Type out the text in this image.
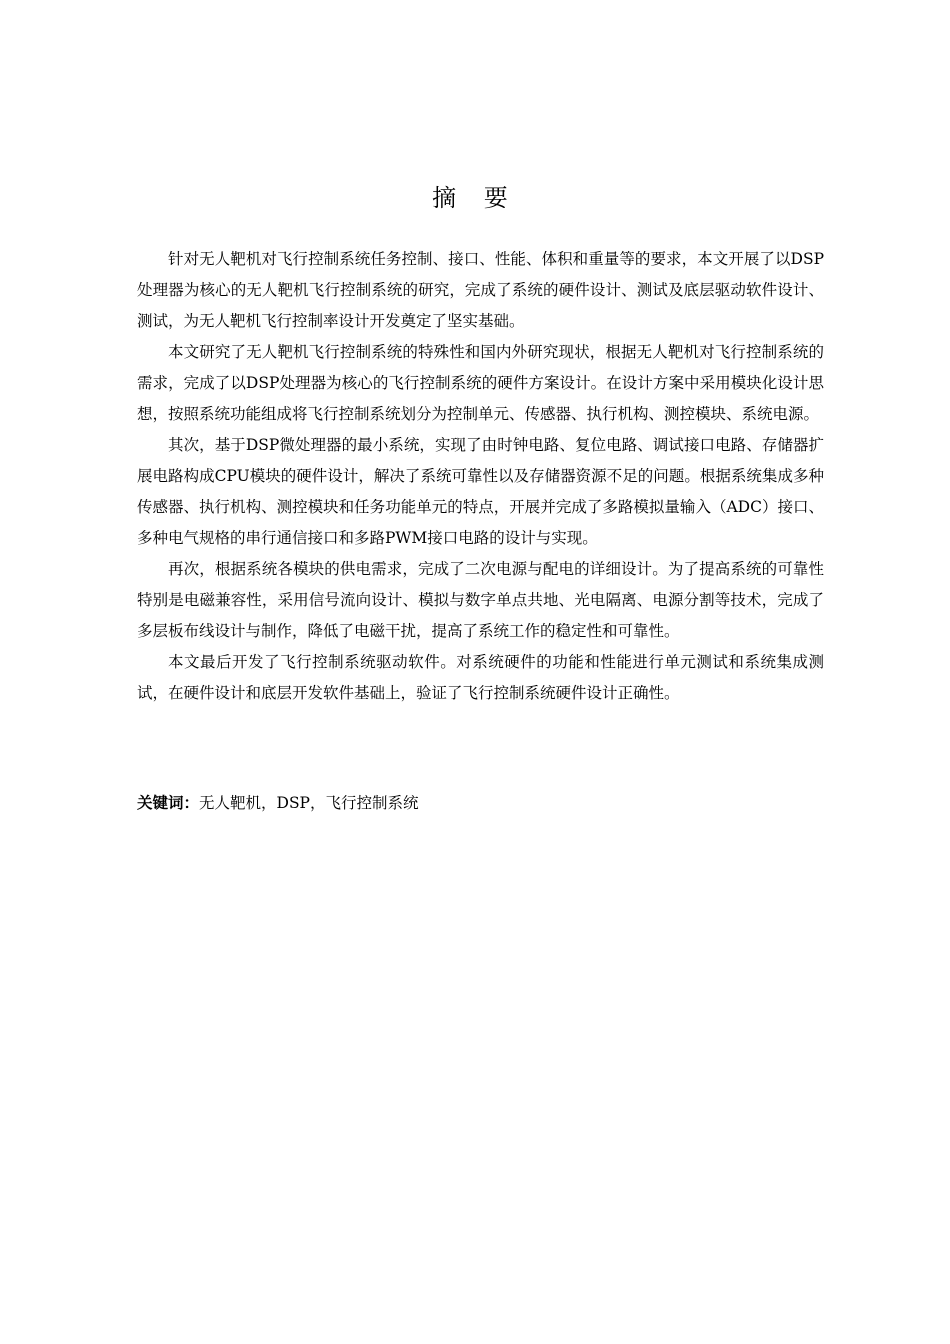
摘 要

针对无人靶机对飞行控制系统任务控制、接口、性能、体积和重量等的要求，本文开展了以DSP处理器为核心的无人靶机飞行控制系统的研究，完成了系统的硬件设计、测试及底层驱动软件设计、测试，为无人靶机飞行控制率设计开发奠定了坚实基础。

本文研究了无人靶机飞行控制系统的特殊性和国内外研究现状，根据无人靶机对飞行控制系统的需求，完成了以DSP处理器为核心的飞行控制系统的硬件方案设计。在设计方案中采用模块化设计思想，按照系统功能组成将飞行控制系统划分为控制单元、传感器、执行机构、测控模块、系统电源。

其次，基于DSP微处理器的最小系统，实现了由时钟电路、复位电路、调试接口电路、存储器扩展电路构成CPU模块的硬件设计，解决了系统可靠性以及存储器资源不足的问题。根据系统集成多种传感器、执行机构、测控模块和任务功能单元的特点，开展并完成了多路模拟量输入（ADC）接口、多种电气规格的串行通信接口和多路PWM接口电路的设计与实现。

再次，根据系统各模块的供电需求，完成了二次电源与配电的详细设计。为了提高系统的可靠性特别是电磁兼容性，采用信号流向设计、模拟与数字单点共地、光电隔离、电源分割等技术，完成了多层板布线设计与制作，降低了电磁干扰，提高了系统工作的稳定性和可靠性。

本文最后开发了飞行控制系统驱动软件。对系统硬件的功能和性能进行单元测试和系统集成测试，在硬件设计和底层开发软件基础上，验证了飞行控制系统硬件设计正确性。

关键词：无人靶机，DSP，飞行控制系统
